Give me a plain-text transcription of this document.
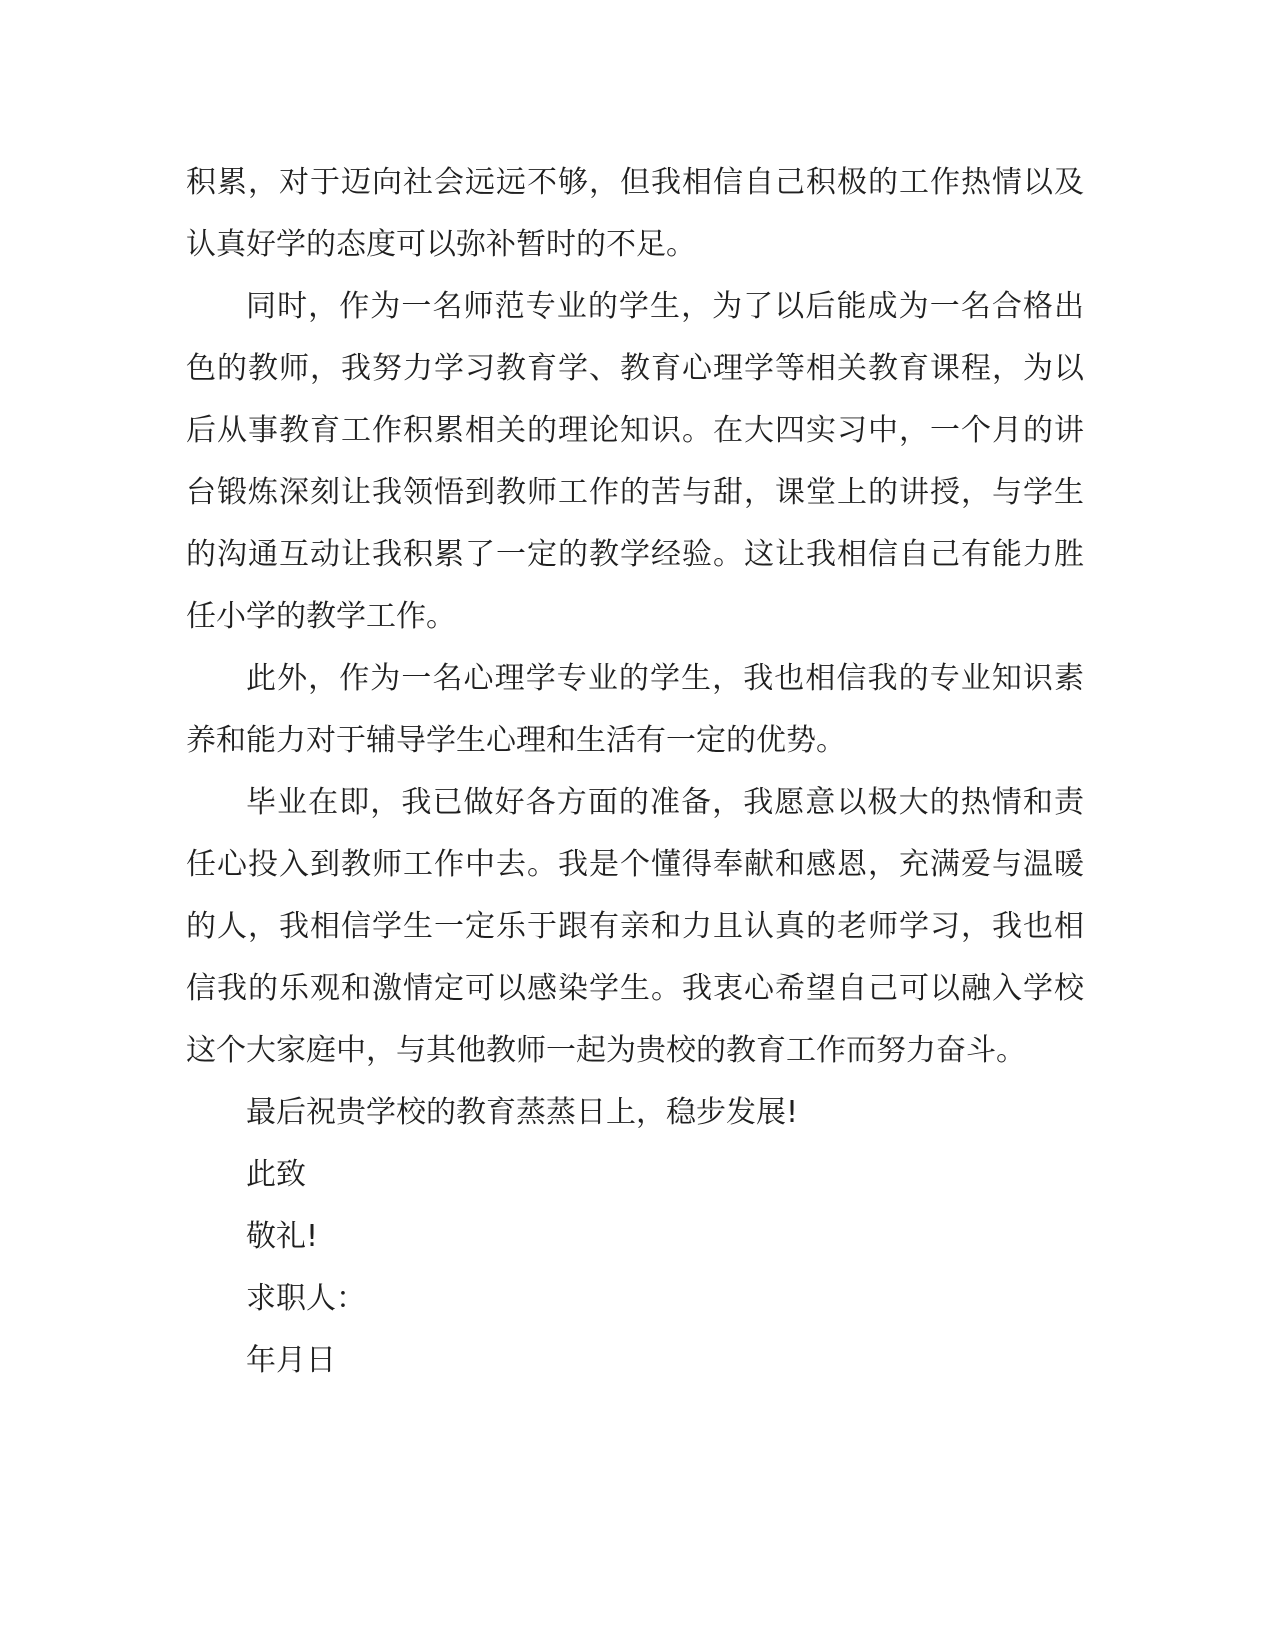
积累，对于迈向社会远远不够，但我相信自己积极的工作热情以及认真好学的态度可以弥补暂时的不足。

同时，作为一名师范专业的学生，为了以后能成为一名合格出色的教师，我努力学习教育学、教育心理学等相关教育课程，为以后从事教育工作积累相关的理论知识。在大四实习中，一个月的讲台锻炼深刻让我领悟到教师工作的苦与甜，课堂上的讲授，与学生的沟通互动让我积累了一定的教学经验。这让我相信自己有能力胜任小学的教学工作。

此外，作为一名心理学专业的学生，我也相信我的专业知识素养和能力对于辅导学生心理和生活有一定的优势。

毕业在即，我已做好各方面的准备，我愿意以极大的热情和责任心投入到教师工作中去。我是个懂得奉献和感恩，充满爱与温暖的人，我相信学生一定乐于跟有亲和力且认真的老师学习，我也相信我的乐观和激情定可以感染学生。我衷心希望自己可以融入学校这个大家庭中，与其他教师一起为贵校的教育工作而努力奋斗。

最后祝贵学校的教育蒸蒸日上，稳步发展!

此致

敬礼!

求职人：

年月日
